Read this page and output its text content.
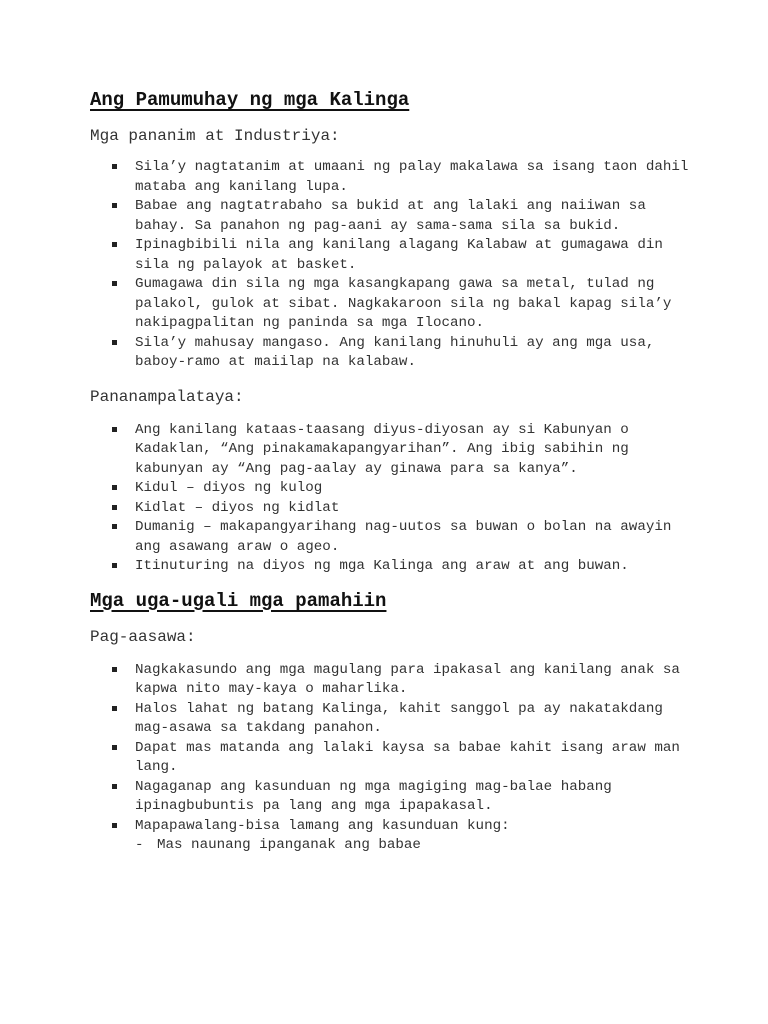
Ang Pamumuhay ng mga Kalinga

Mga pananim at Industriya:

Sila’y nagtatanim at umaani ng palay makalawa sa isang taon dahil mataba ang kanilang lupa.
Babae ang nagtatrabaho sa bukid at ang lalaki ang naiiwan sa bahay. Sa panahon ng pag-aani ay sama-sama sila sa bukid.
Ipinagbibili nila ang kanilang alagang Kalabaw at gumagawa din sila ng palayok at basket.
Gumagawa din sila ng mga kasangkapang gawa sa metal, tulad ng palakol, gulok at sibat. Nagkakaroon sila ng bakal kapag sila’y nakipagpalitan ng paninda sa mga Ilocano.
Sila’y mahusay mangaso. Ang kanilang hinuhuli ay ang mga usa, baboy-ramo at maiilap na kalabaw.

Pananampalataya:

Ang kanilang kataas-taasang diyus-diyosan ay si Kabunyan o Kadaklan, “Ang pinakamakapangyarihan”. Ang ibig sabihin ng kabunyan ay “Ang pag-aalay ay ginawa para sa kanya”.
Kidul – diyos ng kulog
Kidlat – diyos ng kidlat
Dumanig – makapangyarihang nag-uutos sa buwan o bolan na awayin ang asawang araw o ageo.
Itinuturing na diyos ng mga Kalinga ang araw at ang buwan.
Mga uga-ugali mga pamahiin

Pag-aasawa:

Nagkakasundo ang mga magulang para ipakasal ang kanilang anak sa kapwa nito may-kaya o maharlika.
Halos lahat ng batang Kalinga, kahit sanggol pa ay nakatakdang mag-asawa sa takdang panahon.
Dapat mas matanda ang lalaki kaysa sa babae kahit isang araw man lang.
Nagaganap ang kasunduan ng mga magiging mag-balae habang ipinagbubuntis pa lang ang mga ipapakasal.
Mapapawalang-bisa lamang ang kasunduan kung:
- Mas naunang ipanganak ang babae
